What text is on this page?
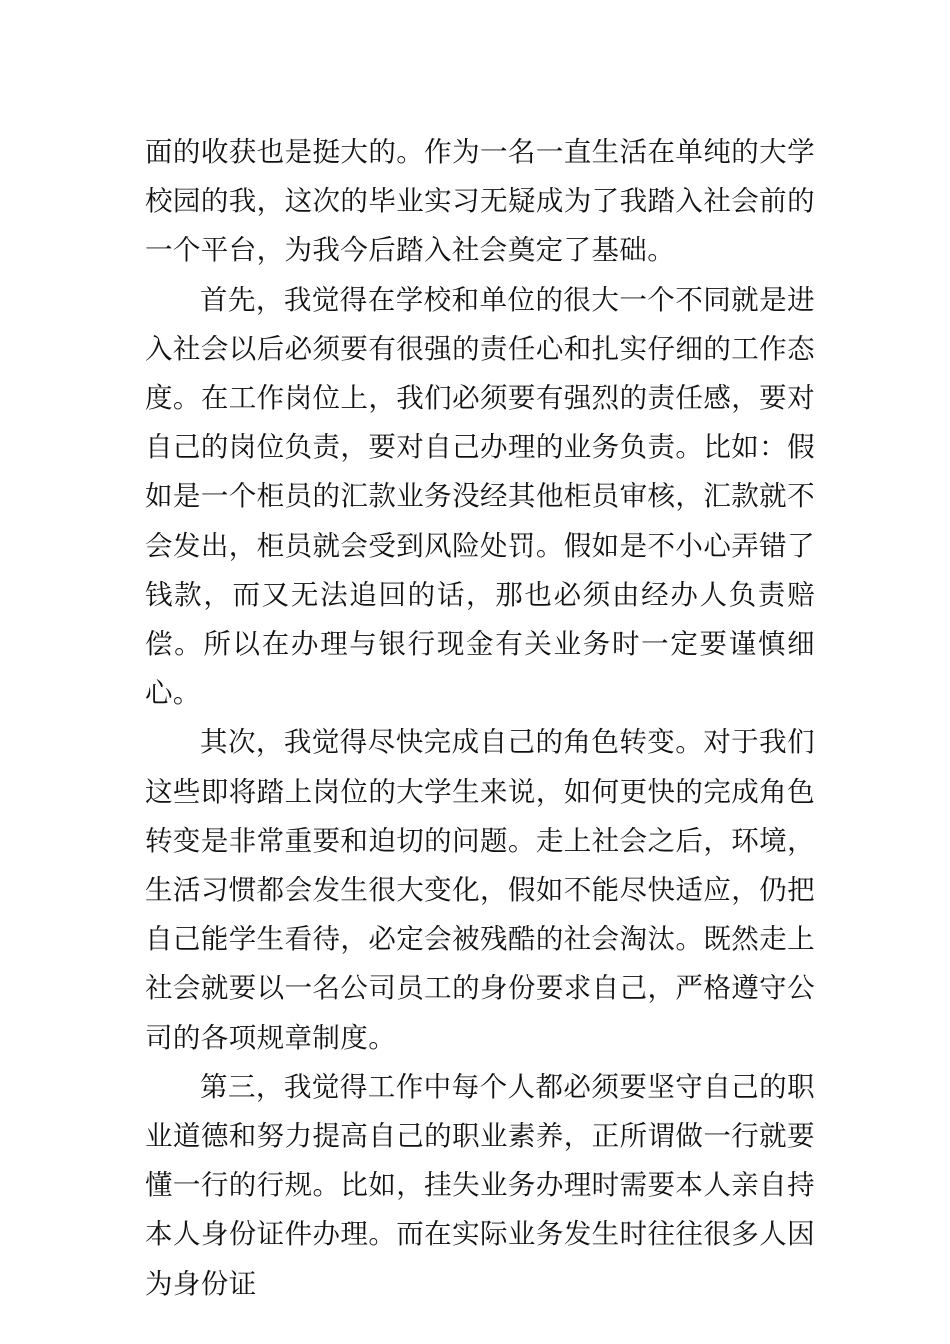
面的收获也是挺大的。作为一名一直生活在单纯的大学校园的我，这次的毕业实习无疑成为了我踏入社会前的一个平台，为我今后踏入社会奠定了基础。

首先，我觉得在学校和单位的很大一个不同就是进入社会以后必须要有很强的责任心和扎实仔细的工作态度。在工作岗位上，我们必须要有强烈的责任感，要对自己的岗位负责，要对自己办理的业务负责。比如：假如是一个柜员的汇款业务没经其他柜员审核，汇款就不会发出，柜员就会受到风险处罚。假如是不小心弄错了钱款，而又无法追回的话，那也必须由经办人负责赔偿。所以在办理与银行现金有关业务时一定要谨慎细心。

其次，我觉得尽快完成自己的角色转变。对于我们这些即将踏上岗位的大学生来说，如何更快的完成角色转变是非常重要和迫切的问题。走上社会之后，环境，生活习惯都会发生很大变化，假如不能尽快适应，仍把自己能学生看待，必定会被残酷的社会淘汰。既然走上社会就要以一名公司员工的身份要求自己，严格遵守公司的各项规章制度。

第三，我觉得工作中每个人都必须要坚守自己的职业道德和努力提高自己的职业素养，正所谓做一行就要懂一行的行规。比如，挂失业务办理时需要本人亲自持本人身份证件办理。而在实际业务发生时往往很多人因为身份证
